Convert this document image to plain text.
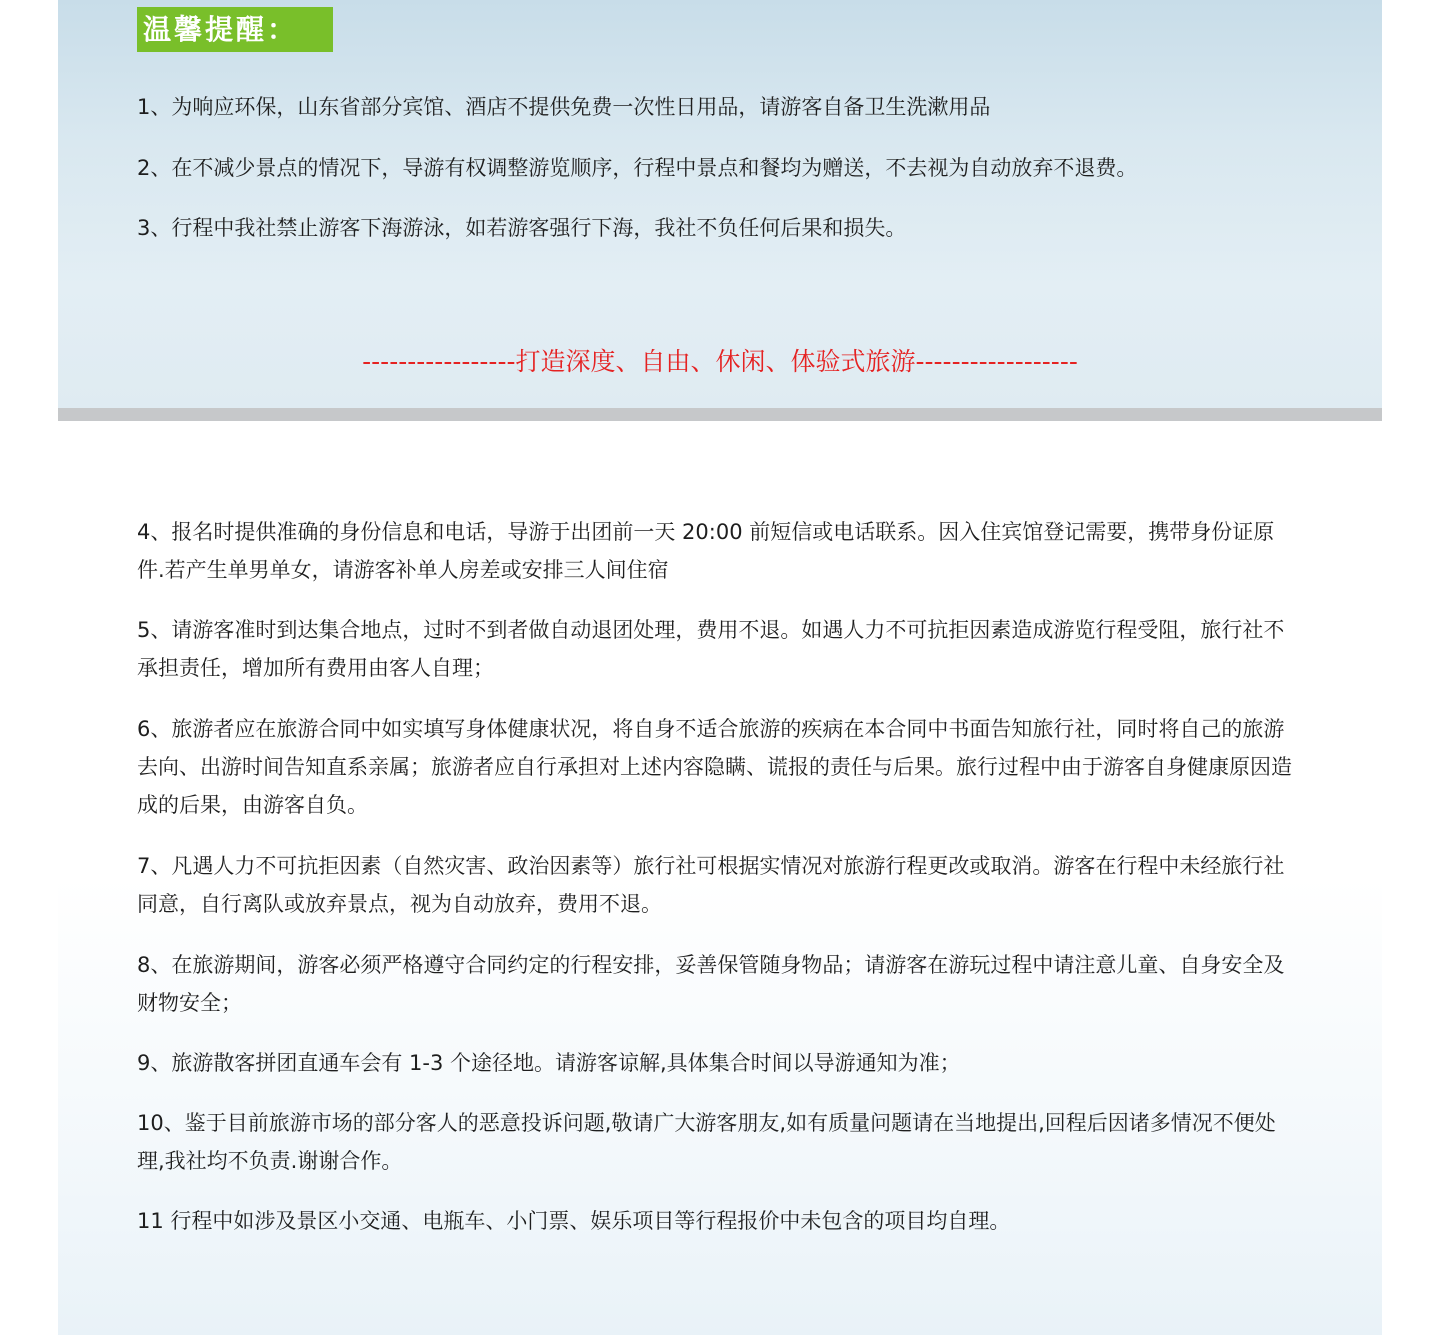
温馨提醒：

1、为响应环保，山东省部分宾馆、酒店不提供免费一次性日用品，请游客自备卫生洗漱用品

2、在不减少景点的情况下，导游有权调整游览顺序，行程中景点和餐均为赠送，不去视为自动放弃不退费。

3、行程中我社禁止游客下海游泳，如若游客强行下海，我社不负任何后果和损失。

-----------------打造深度、自由、休闲、体验式旅游------------------

4、报名时提供准确的身份信息和电话，导游于出团前一天 20:00 前短信或电话联系。因入住宾馆登记需要，携带身份证原件.若产生单男单女，请游客补单人房差或安排三人间住宿

5、请游客准时到达集合地点，过时不到者做自动退团处理，费用不退。如遇人力不可抗拒因素造成游览行程受阻，旅行社不承担责任，增加所有费用由客人自理；

6、旅游者应在旅游合同中如实填写身体健康状况，将自身不适合旅游的疾病在本合同中书面告知旅行社，同时将自己的旅游去向、出游时间告知直系亲属；旅游者应自行承担对上述内容隐瞒、谎报的责任与后果。旅行过程中由于游客自身健康原因造成的后果，由游客自负。

7、凡遇人力不可抗拒因素（自然灾害、政治因素等）旅行社可根据实情况对旅游行程更改或取消。游客在行程中未经旅行社同意，自行离队或放弃景点，视为自动放弃，费用不退。

8、在旅游期间，游客必须严格遵守合同约定的行程安排，妥善保管随身物品；请游客在游玩过程中请注意儿童、自身安全及财物安全；

9、旅游散客拼团直通车会有 1-3 个途径地。请游客谅解,具体集合时间以导游通知为准；

10、鉴于目前旅游市场的部分客人的恶意投诉问题,敬请广大游客朋友,如有质量问题请在当地提出,回程后因诸多情况不便处理,我社均不负责.谢谢合作。

11 行程中如涉及景区小交通、电瓶车、小门票、娱乐项目等行程报价中未包含的项目均自理。
